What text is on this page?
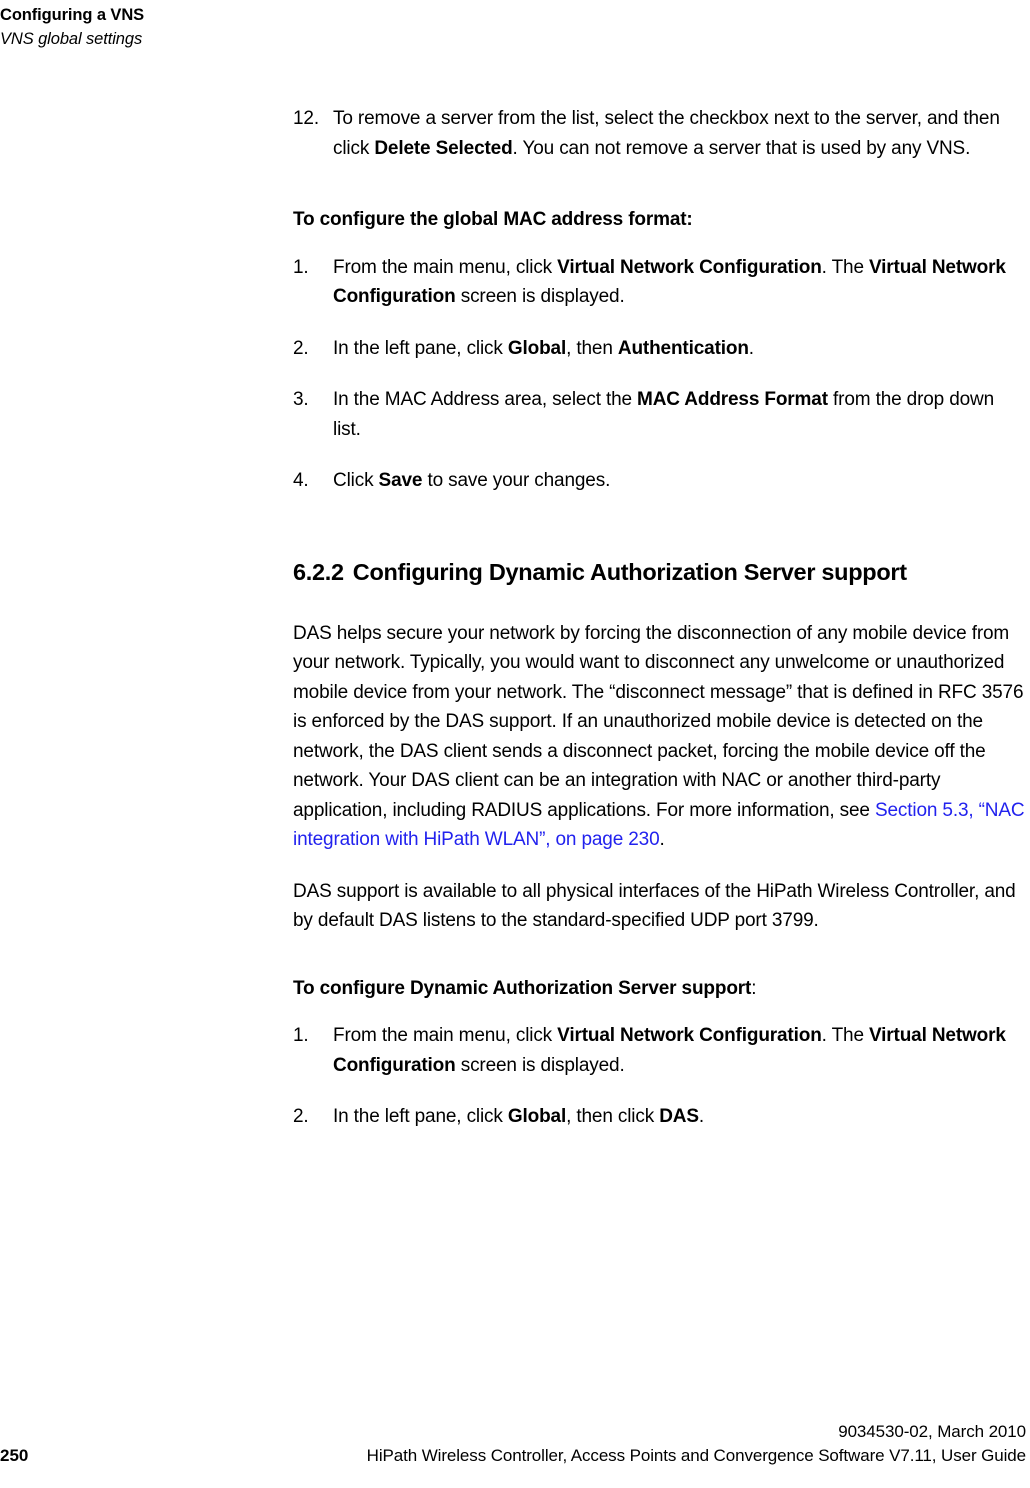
Configuring a VNS
VNS global settings
12. To remove a server from the list, select the checkbox next to the server, and then click Delete Selected. You can not remove a server that is used by any VNS.
To configure the global MAC address format:
1.	From the main menu, click Virtual Network Configuration. The Virtual Network Configuration screen is displayed.
2.	In the left pane, click Global, then Authentication.
3.	In the MAC Address area, select the MAC Address Format from the drop down list.
4.	Click Save to save your changes.
6.2.2 Configuring Dynamic Authorization Server support

DAS helps secure your network by forcing the disconnection of any mobile device from your network. Typically, you would want to disconnect any unwelcome or unauthorized mobile device from your network. The “disconnect message” that is defined in RFC 3576 is enforced by the DAS support. If an unauthorized mobile device is detected on the network, the DAS client sends a disconnect packet, forcing the mobile device off the network. Your DAS client can be an integration with NAC or another third-party application, including RADIUS applications. For more information, see Section 5.3, “NAC integration with HiPath WLAN”, on page 230.

DAS support is available to all physical interfaces of the HiPath Wireless Controller, and by default DAS listens to the standard-specified UDP port 3799.

To configure Dynamic Authorization Server support:
1.	From the main menu, click Virtual Network Configuration. The Virtual Network Configuration screen is displayed.
2.	In the left pane, click Global, then click DAS.
9034530-02, March 2010
HiPath Wireless Controller, Access Points and Convergence Software V7.11, User Guide
250
